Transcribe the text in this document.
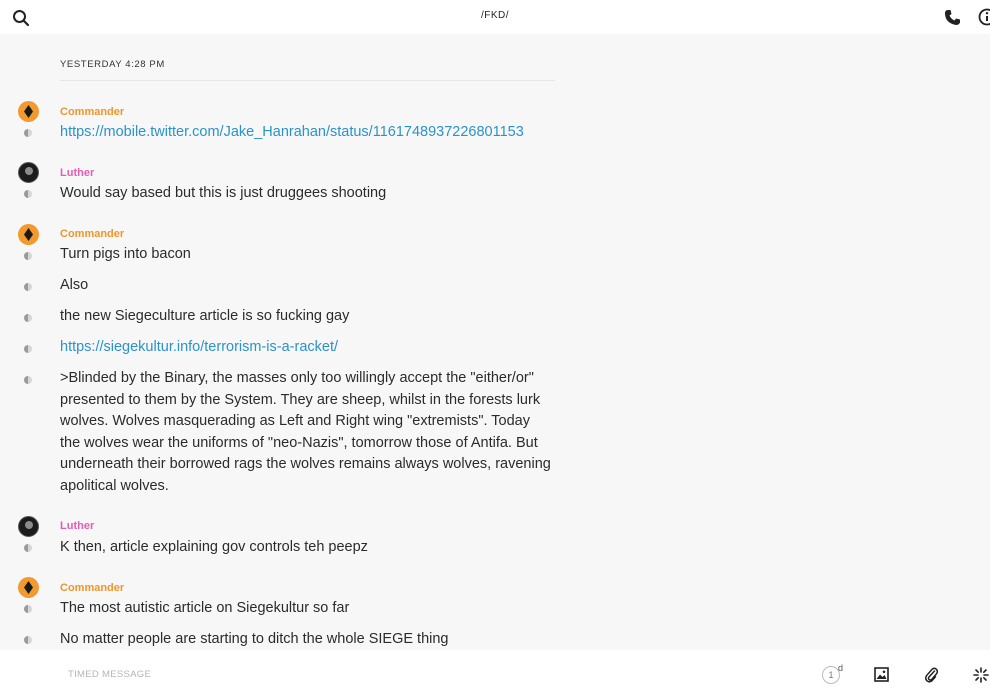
/FKD/
YESTERDAY 4:28 PM
Commander
https://mobile.twitter.com/Jake_Hanrahan/status/1161748937226801153
Luther
Would say based but this is just druggees shooting
Commander
Turn pigs into bacon
Also
the new Siegeculture article is so fucking gay
https://siegekultur.info/terrorism-is-a-racket/
>Blinded by the Binary, the masses only too willingly accept the "either/or" presented to them by the System. They are sheep, whilst in the forests lurk wolves. Wolves masquerading as Left and Right wing "extremists". Today the wolves wear the uniforms of "neo-Nazis", tomorrow those of Antifa. But underneath their borrowed rags the wolves remains always wolves, ravening apolitical wolves.
Luther
K then, article explaining gov controls teh peepz
Commander
The most autistic article on Siegekultur so far
No matter people are starting to ditch the whole SIEGE thing
TIMED MESSAGE	1
d
